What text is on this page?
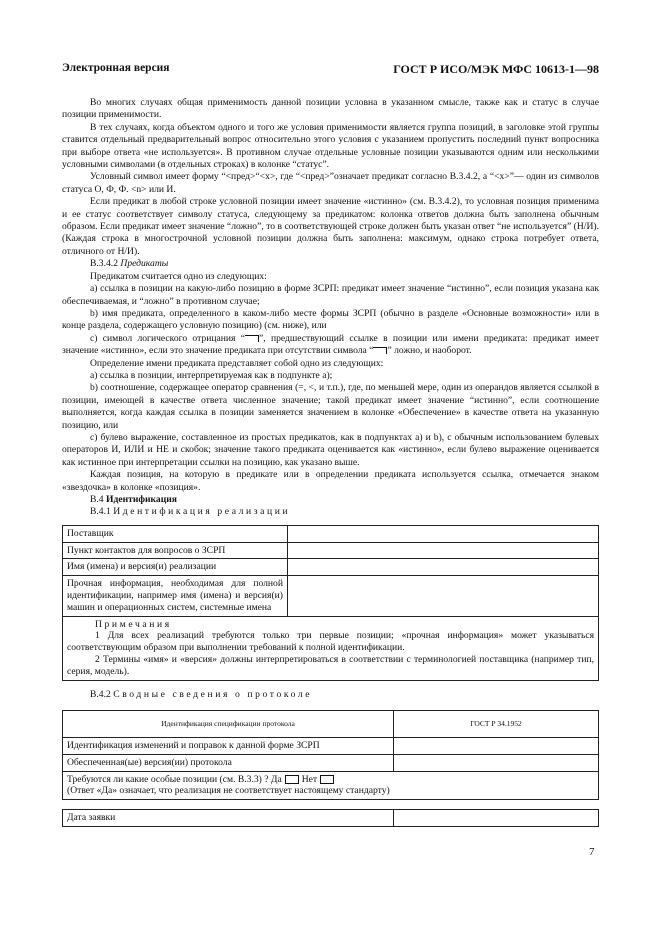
Электронная версия	ГОСТ Р ИСО/МЭК МФС 10613-1—98

Во многих случаях общая применимость данной позиции условна в указанном смысле, также как и статус в случае позиции применимости.

В тех случаях, когда объектом одного и того же условия применимости является группа позиций, в заголовке этой группы ставится отдельный предварительный вопрос относительно этого условия с указанием пропустить последний пункт вопросника при выборе ответа «не используется». В противном случае отдельные условные позиции указываются одним или несколькими условными символами (в отдельных строках) в колонке “статус”.

Условный символ имеет форму “<пред>“<x>, где “<пред>”означает предикат согласно В.3.4.2, а “<x>”— один из символов статуса О, Ф, Ф. <n> или И.

Если предикат в любой строке условной позиции имеет значение «истинно» (см. В.3.4.2), то условная позиция применима и ее статус соответствует символу статуса, следующему за предикатом: колонка ответов должна быть заполнена обычным образом. Если предикат имеет значение “ложно”, то в соответствующей строке должен быть указан ответ “не используется” (Н/И). (Каждая строка в многострочной условной позиции должна быть заполнена: максимум, однако строка потребует ответа, отличного от Н/И).

В.3.4.2 Предикаты

Предикатом считается одно из следующих:

а) ссылка в позиции на какую-либо позицию в форме ЗСРП: предикат имеет значение “истинно”, если позиция указана как обеспечиваемая, и “ложно” в противном случае;

b) имя предиката, определенного в каком-либо месте формы ЗСРП (обычно в разделе «Основные возможности» или в конце раздела, содержащего условную позицию) (см. ниже), или

с) символ логического отрицания “ ”, предшествующий ссылке в позиции или имени предиката: предикат имеет значение «истинно», если это значение предиката при отсутствии символа “ ” ложно, и наоборот.

Определение имени предиката представляет собой одно из следующих:

а) ссылка в позиции, интерпретируемая как в подпункте а);

b) соотношение, содержащее оператор сравнения (=, <, и т.п.), где, по меньшей мере, один из операндов является ссылкой в позиции, имеющей в качестве ответа численное значение; такой предикат имеет значение “истинно”, если соотношение выполняется, когда каждая ссылка в позиции заменяется значением в колонке «Обеспечение» в качестве ответа на указанную позицию, или

с) булево выражение, составленное из простых предикатов, как в подпунктах а) и b), с обычным использованием булевых операторов И, ИЛИ и НЕ и скобок; значение такого предиката оценивается как «истинно», если булево выражение оценивается как истинное при интерпретации ссылки на позицию, как указано выше.

Каждая позиция, на которую в предикате или в определении предиката используется ссылка, отмечается знаком «звездочка» в колонке «позиция».

В.4 Идентификация

В.4.1 Идентификация реализации

Поставщик	
Пункт контактов для вопросов о ЗСРП	
Имя (имена) и версия(и) реализации	
Прочная информация, необходимая для полной идентификации, например имя (имена) и версия(и) машин и операционных систем, системные имена	

Примечания
1 Для всех реализаций требуются только три первые позиции; «прочная информация» может указываться соответствующим образом при выполнении требований к полной идентификации.
2 Термины «имя» и «версия» должны интерпретироваться в соответствии с терминологией поставщика (например тип, серия, модель).	

В.4.2 Сводные сведения о протоколе

Идентификация спецификации протокола	ГОСТ Р 34.1952
Идентификация изменений и поправок к данной форме ЗСРП	
Обеспеченная(ые) версия(ии) протокола	

Требуются ли какие особые позиции (см. В.3.3) ? Да Нет
(Ответ «Да» означает, что реализация не соответствует настоящему стандарту)	
Дата заявки	
7
